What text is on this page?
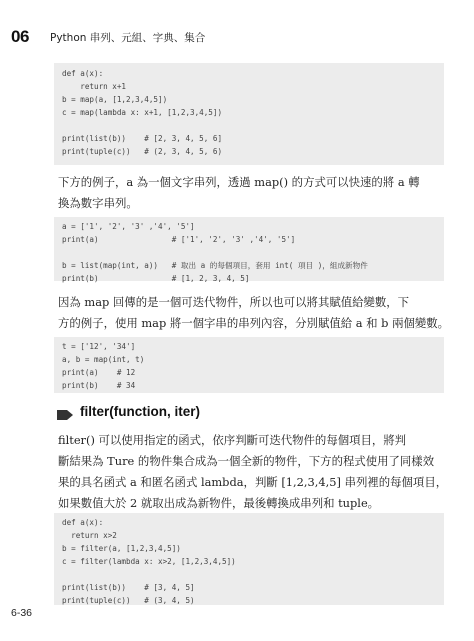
06 Python 串列、元組、字典、集合
def a(x):
return x+1
b = map(a, [1,2,3,4,5])
c = map(lambda x: x+1, [1,2,3,4,5])
print(list(b))    # [2, 3, 4, 5, 6]
print(tuple(c))   # (2, 3, 4, 5, 6)
下方的例子，a 為一個文字串列，透過 map() 的方式可以快速的將 a 轉
換為數字串列。
a = ['1', '2', '3' ,'4', '5']
print(a)                # ['1', '2', '3' ,'4', '5']
b = list(map(int, a))   # 取出 a 的每個項目，套用 int( 項目 )，組成新物件
print(b)                # [1, 2, 3, 4, 5]
因為 map 回傳的是一個可迭代物件，所以也可以將其賦值給變數，下
方的例子，使用 map 將一個字串的串列內容，分別賦值給 a 和 b 兩個變數。
t = ['12', '34']
a, b = map(int, t)
print(a)    # 12
print(b)    # 34
filter(function, iter)
filter() 可以使用指定的函式，依序判斷可迭代物件的每個項目，將判
斷結果為 Ture 的物件集合成為一個全新的物件，下方的程式使用了同樣效
果的具名函式 a 和匿名函式 lambda，判斷 [1,2,3,4,5] 串列裡的每個項目，
如果數值大於 2 就取出成為新物件，最後轉換成串列和 tuple。
def a(x):
return x>2
b = filter(a, [1,2,3,4,5])
c = filter(lambda x: x>2, [1,2,3,4,5])
print(list(b))    # [3, 4, 5]
print(tuple(c))   # (3, 4, 5)
6-36
